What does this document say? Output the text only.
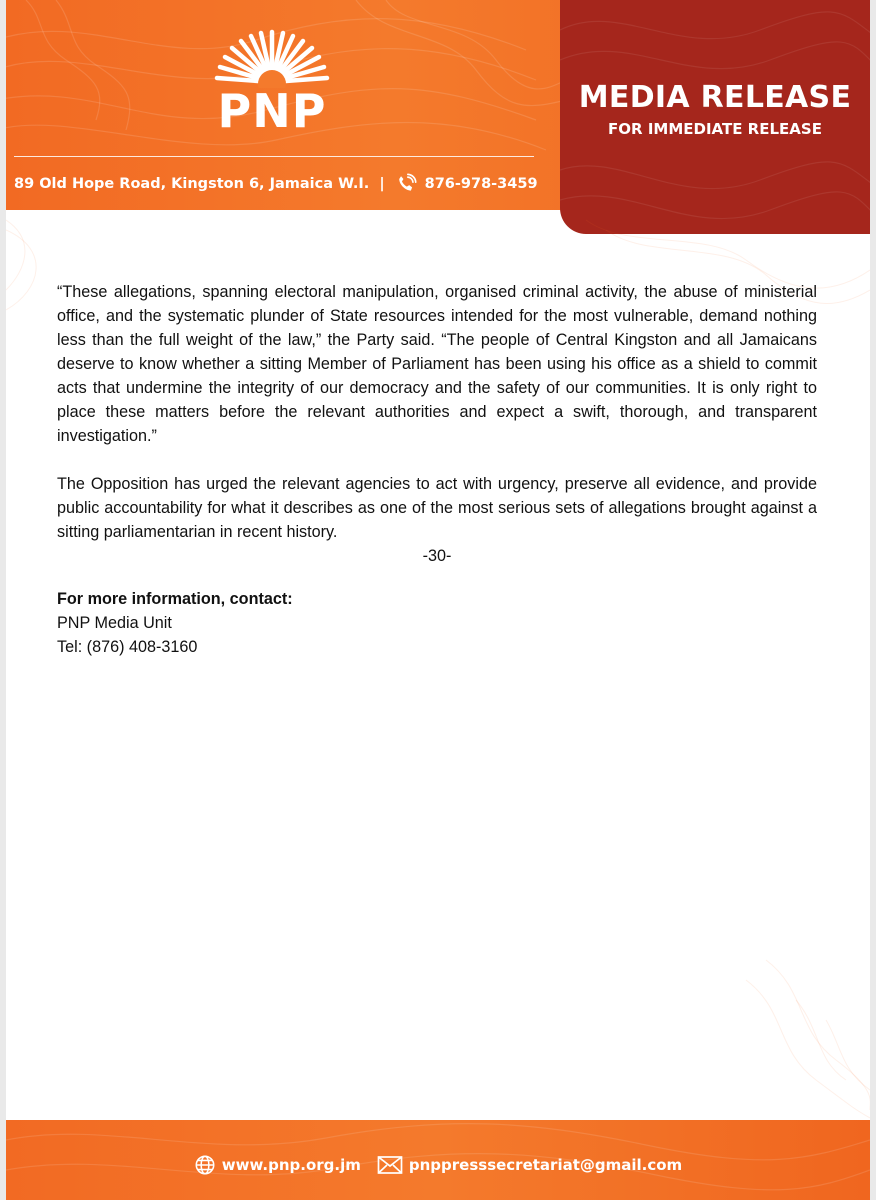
PNP
89 Old Hope Road, Kingston 6, Jamaica W.I. |	876-978-3459
MEDIA RELEASE
FOR IMMEDIATE RELEASE

“These allegations, spanning electoral manipulation, organised criminal activity, the abuse of ministerial office, and the systematic plunder of State resources intended for the most vulnerable, demand nothing less than the full weight of the law,” the Party said. “The people of Central Kingston and all Jamaicans deserve to know whether a sitting Member of Parliament has been using his office as a shield to commit acts that undermine the integrity of our democracy and the safety of our communities. It is only right to place these matters before the relevant authorities and expect a swift, thorough, and transparent investigation.”

The Opposition has urged the relevant agencies to act with urgency, preserve all evidence, and provide public accountability for what it describes as one of the most serious sets of allegations brought against a sitting parliamentarian in recent history.

-30-
For more information, contact:
PNP Media Unit
Tel: (876) 408-3160
www.pnp.org.jm	pnppresssecretariat@gmail.com
